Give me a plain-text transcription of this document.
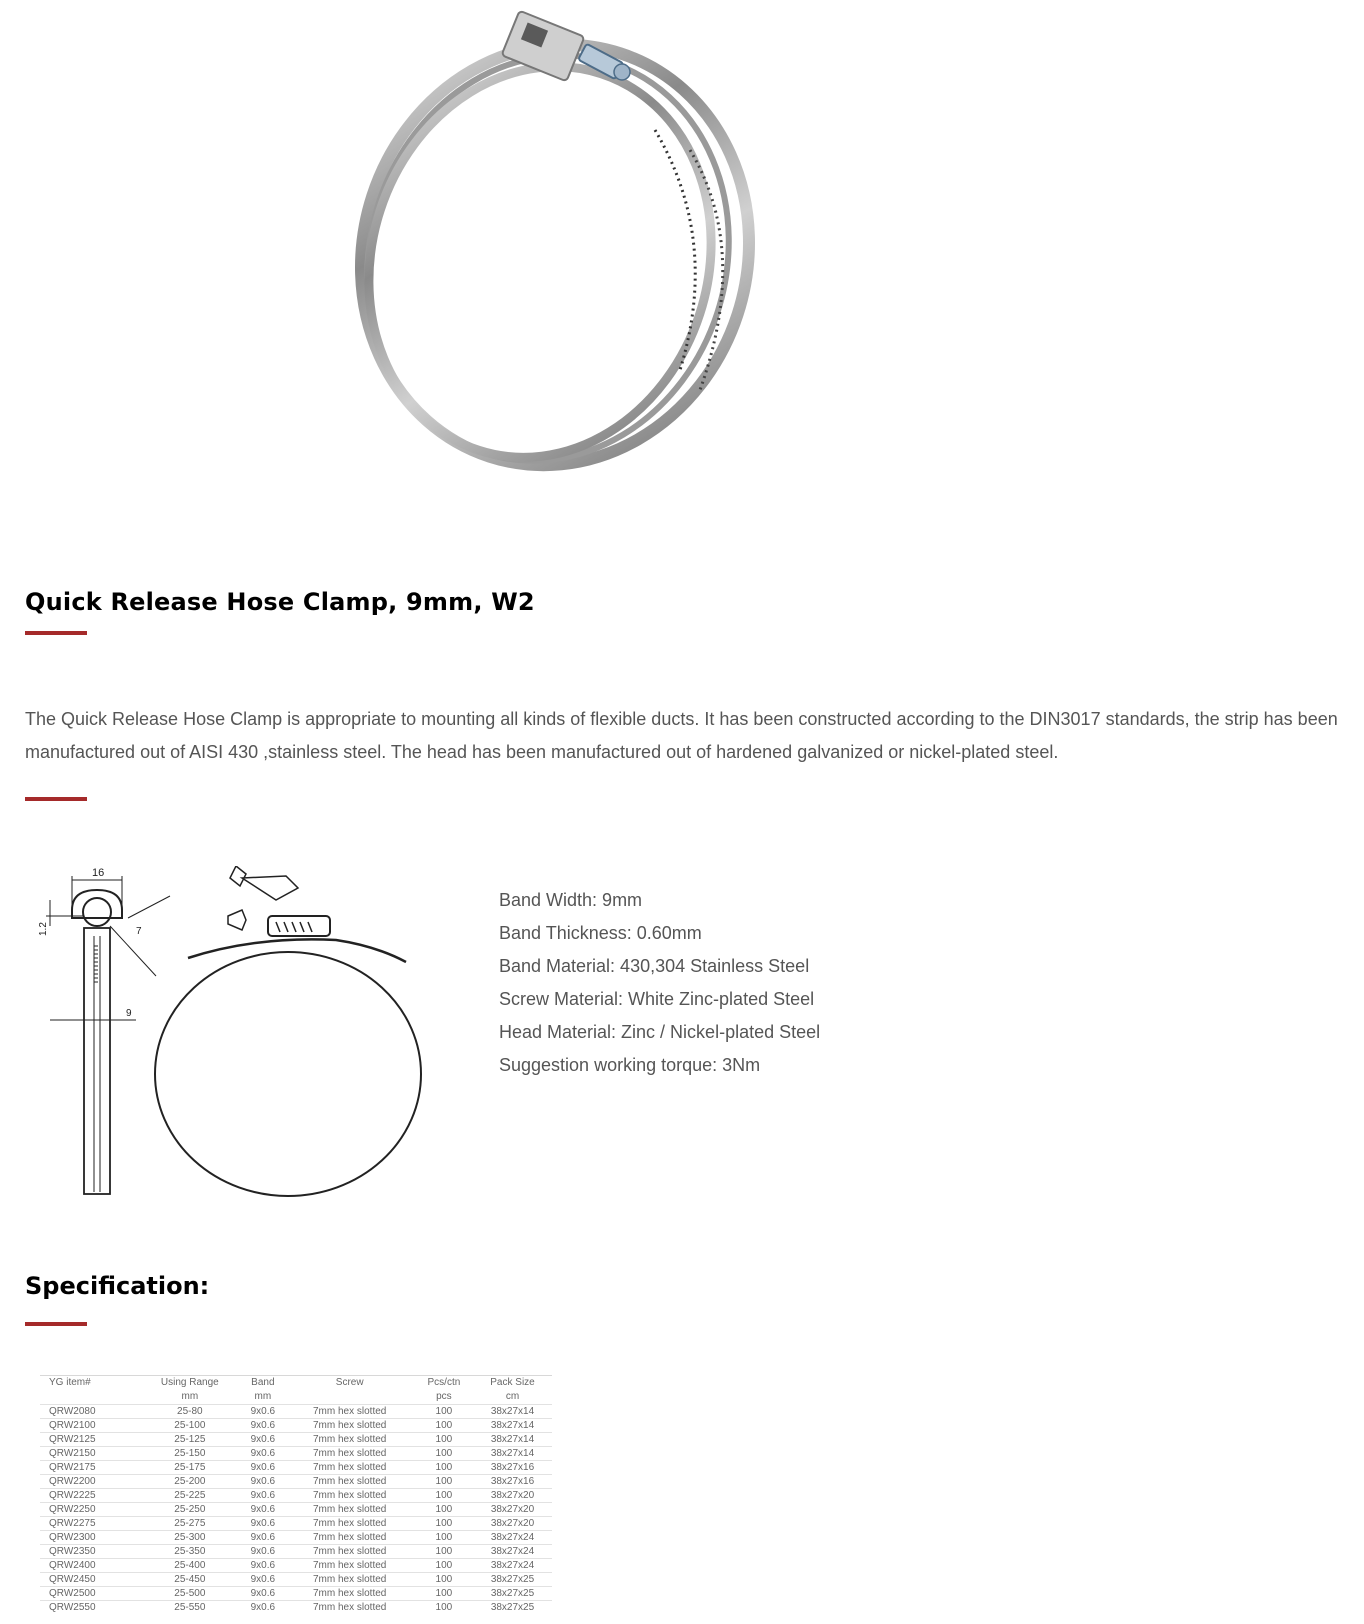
Quick Release Hose Clamp, 9mm, W2

The Quick Release Hose Clamp is appropriate to mounting all kinds of flexible ducts. It has been constructed according to the DIN3017 standards, the strip has been manufactured out of AISI 430 ,stainless steel. The head has been manufactured out of hardened galvanized or nickel-plated steel.

16
1.2	7
9
Band Width: 9mm
Band Thickness: 0.60mm
Band Material: 430,304 Stainless Steel
Screw Material: White Zinc-plated Steel
Head Material: Zinc / Nickel-plated Steel
Suggestion working torque: 3Nm
Specification:
YG item#	Using Range	Band	Screw	Pcs/ctn	Pack Size
	mm	mm		pcs	cm
QRW2080	25-80	9x0.6	7mm hex slotted	100	38x27x14
QRW2100	25-100	9x0.6	7mm hex slotted	100	38x27x14
QRW2125	25-125	9x0.6	7mm hex slotted	100	38x27x14
QRW2150	25-150	9x0.6	7mm hex slotted	100	38x27x14
QRW2175	25-175	9x0.6	7mm hex slotted	100	38x27x16
QRW2200	25-200	9x0.6	7mm hex slotted	100	38x27x16
QRW2225	25-225	9x0.6	7mm hex slotted	100	38x27x20
QRW2250	25-250	9x0.6	7mm hex slotted	100	38x27x20
QRW2275	25-275	9x0.6	7mm hex slotted	100	38x27x20
QRW2300	25-300	9x0.6	7mm hex slotted	100	38x27x24
QRW2350	25-350	9x0.6	7mm hex slotted	100	38x27x24
QRW2400	25-400	9x0.6	7mm hex slotted	100	38x27x24
QRW2450	25-450	9x0.6	7mm hex slotted	100	38x27x25
QRW2500	25-500	9x0.6	7mm hex slotted	100	38x27x25
QRW2550	25-550	9x0.6	7mm hex slotted	100	38x27x25
